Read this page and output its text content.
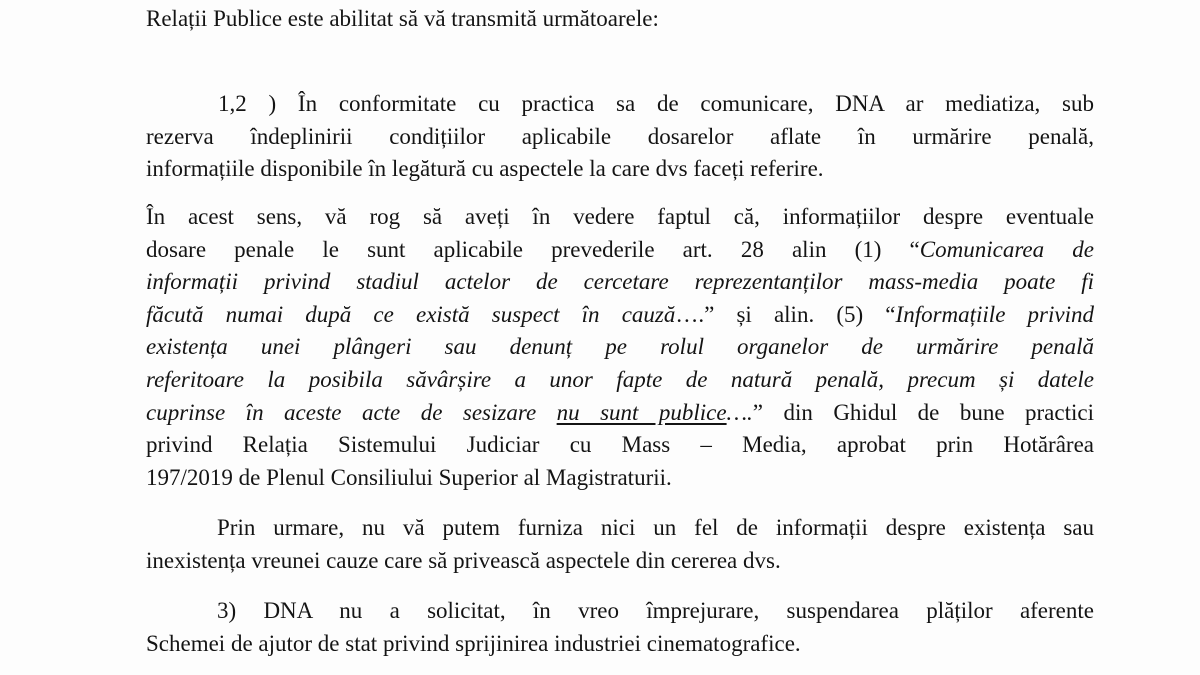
Relații Publice este abilitat să vă transmită următoarele:
1,2 ) În conformitate cu practica sa de comunicare, DNA ar mediatiza, sub
rezerva îndeplinirii condițiilor aplicabile dosarelor aflate în urmărire penală,
informațiile disponibile în legătură cu aspectele la care dvs faceți referire.
În acest sens, vă rog să aveți în vedere faptul că, informațiilor despre eventuale
dosare penale le sunt aplicabile prevederile art. 28 alin (1) “Comunicarea de
informații privind stadiul actelor de cercetare reprezentanților mass-media poate fi
făcută numai după ce există suspect în cauză….” și alin. (5) “Informațiile privind
existența unei plângeri sau denunț pe rolul organelor de urmărire penală
referitoare la posibila săvârșire a unor fapte de natură penală, precum și datele
cuprinse în aceste acte de sesizare nu sunt publice….” din Ghidul de bune practici
privind Relația Sistemului Judiciar cu Mass – Media, aprobat prin Hotărârea
197/2019 de Plenul Consiliului Superior al Magistraturii.
Prin urmare, nu vă putem furniza nici un fel de informații despre existența sau
inexistența vreunei cauze care să privească aspectele din cererea dvs.
3) DNA nu a solicitat, în vreo împrejurare, suspendarea plăților aferente
Schemei de ajutor de stat privind sprijinirea industriei cinematografice.
